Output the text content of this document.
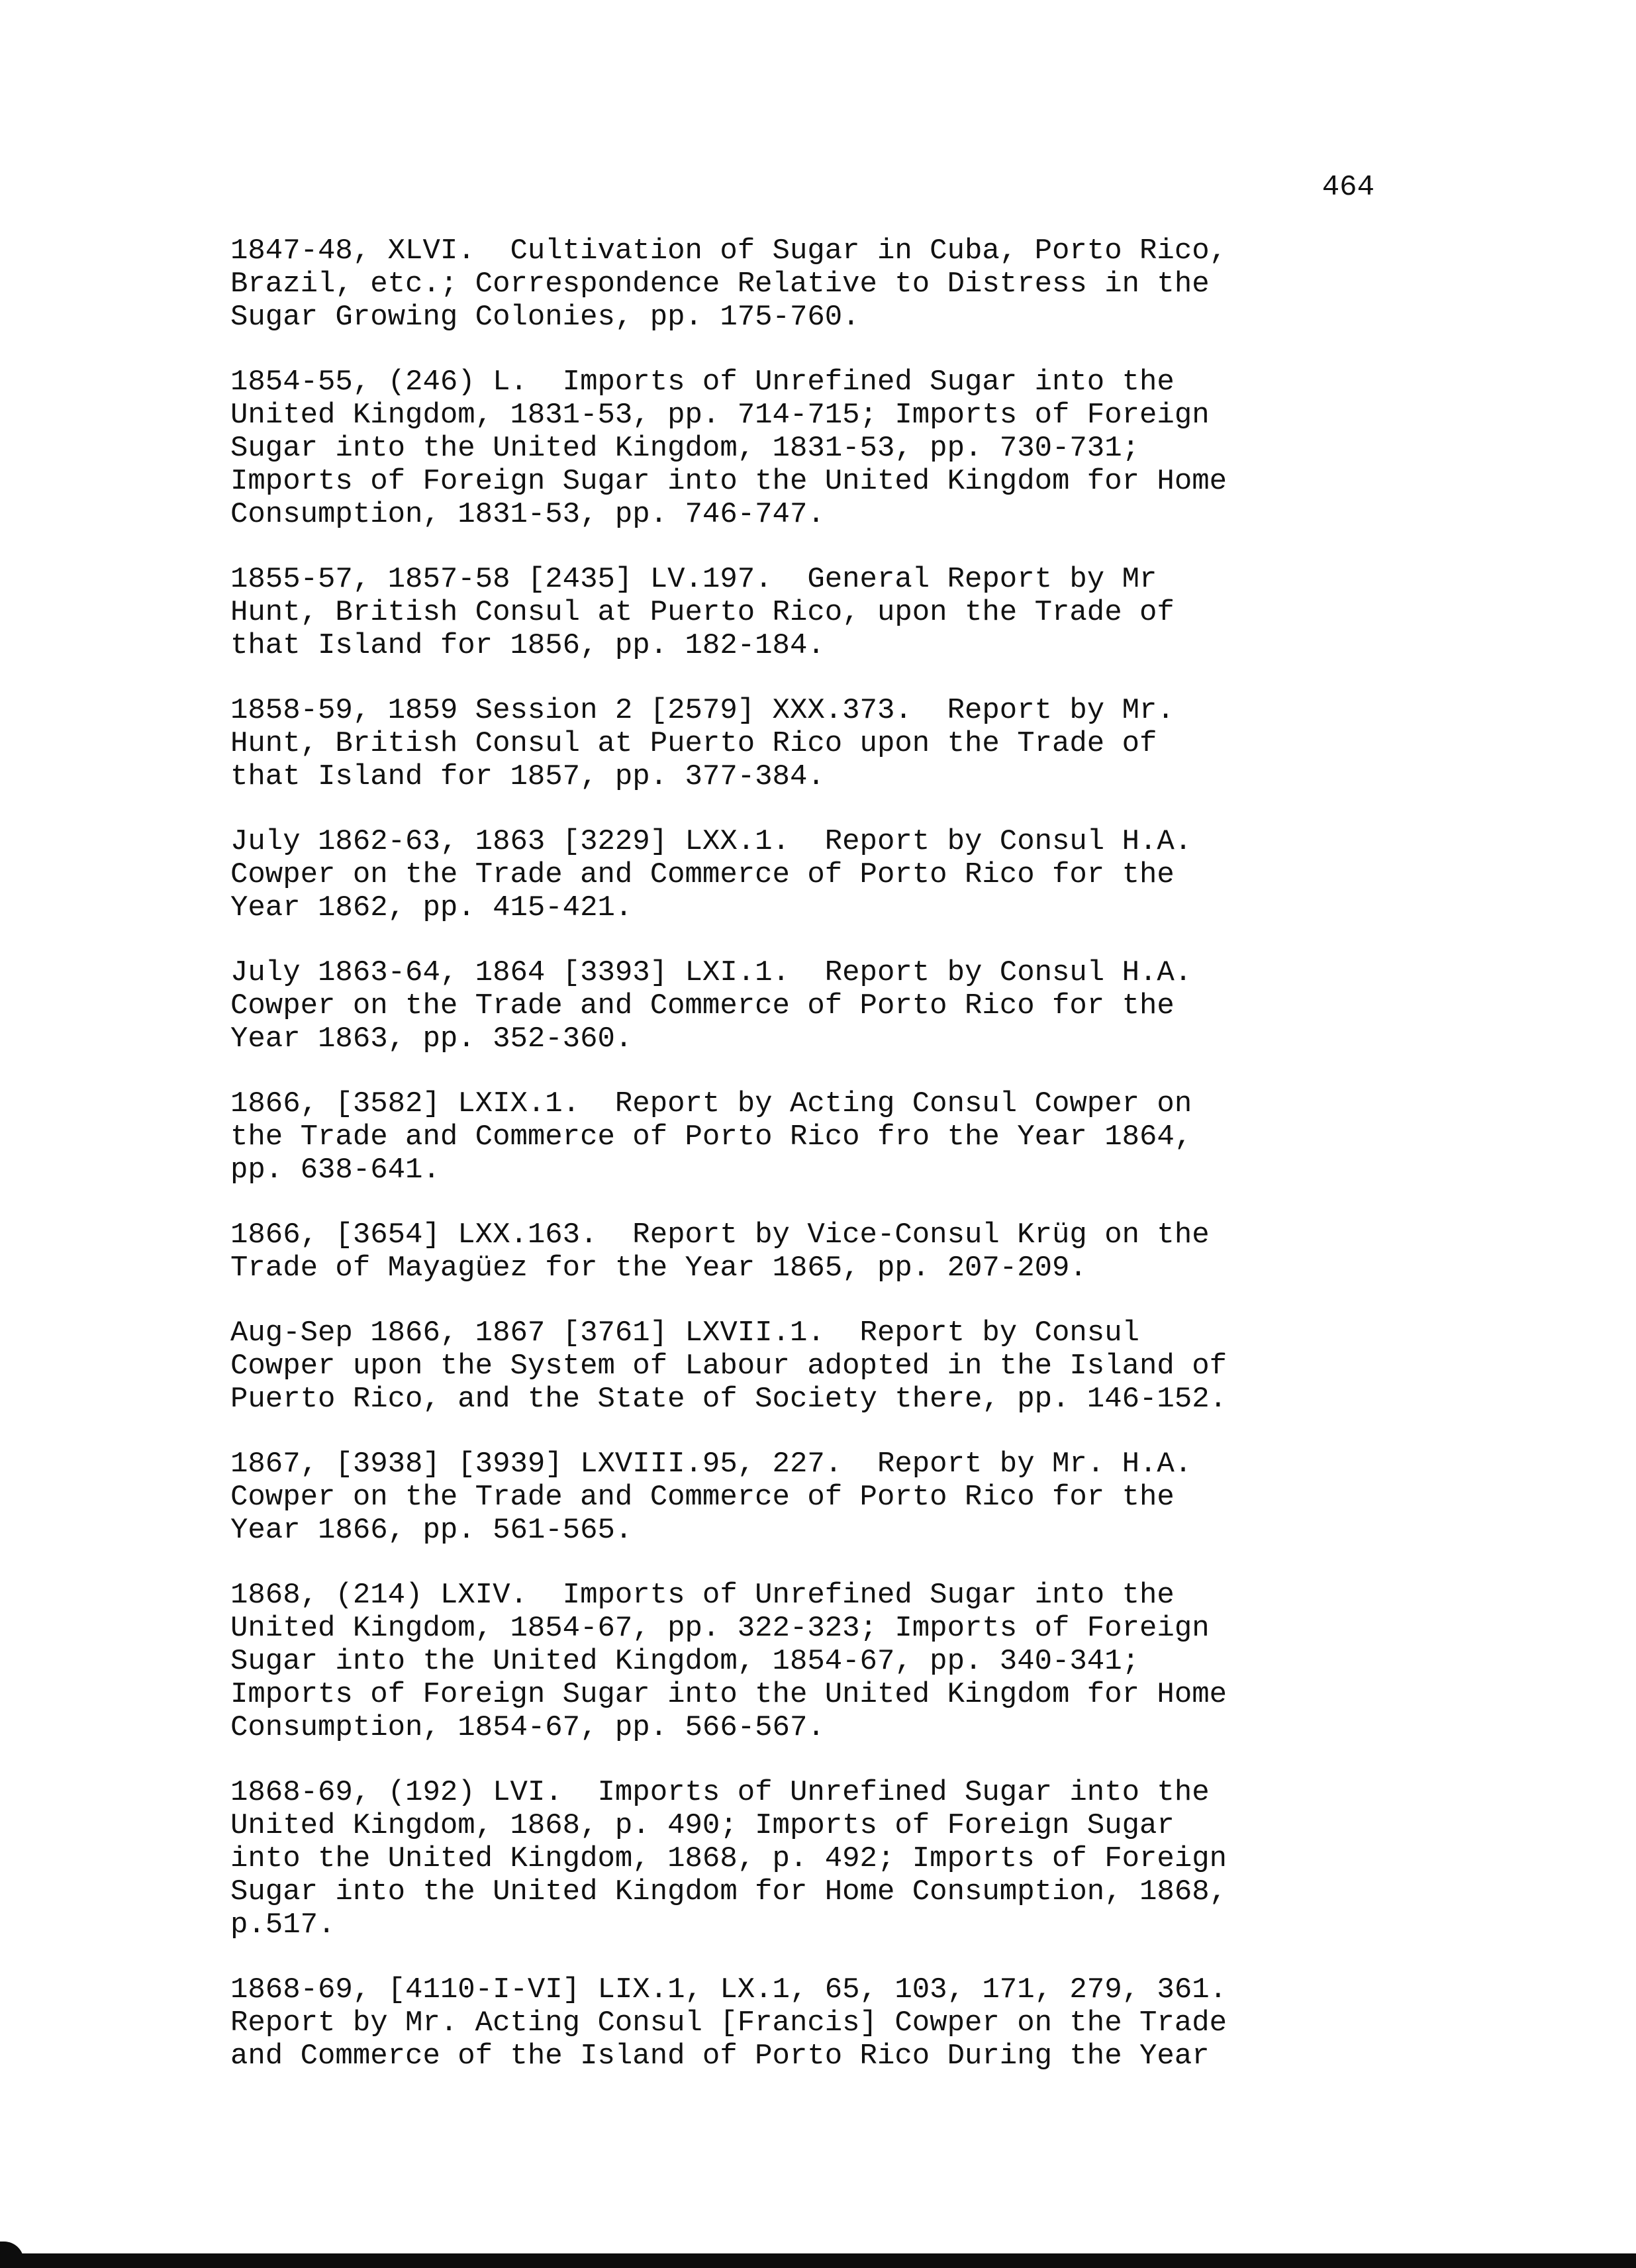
464

1847-48, XLVI.  Cultivation of Sugar in Cuba, Porto Rico,
Brazil, etc.; Correspondence Relative to Distress in the
Sugar Growing Colonies, pp. 175-760.

1854-55, (246) L.  Imports of Unrefined Sugar into the
United Kingdom, 1831-53, pp. 714-715; Imports of Foreign
Sugar into the United Kingdom, 1831-53, pp. 730-731;
Imports of Foreign Sugar into the United Kingdom for Home
Consumption, 1831-53, pp. 746-747.

1855-57, 1857-58 [2435] LV.197.  General Report by Mr
Hunt, British Consul at Puerto Rico, upon the Trade of
that Island for 1856, pp. 182-184.

1858-59, 1859 Session 2 [2579] XXX.373.  Report by Mr.
Hunt, British Consul at Puerto Rico upon the Trade of
that Island for 1857, pp. 377-384.

July 1862-63, 1863 [3229] LXX.1.  Report by Consul H.A.
Cowper on the Trade and Commerce of Porto Rico for the
Year 1862, pp. 415-421.

July 1863-64, 1864 [3393] LXI.1.  Report by Consul H.A.
Cowper on the Trade and Commerce of Porto Rico for the
Year 1863, pp. 352-360.

1866, [3582] LXIX.1.  Report by Acting Consul Cowper on
the Trade and Commerce of Porto Rico fro the Year 1864,
pp. 638-641.

1866, [3654] LXX.163.  Report by Vice-Consul Krüg on the
Trade of Mayagüez for the Year 1865, pp. 207-209.

Aug-Sep 1866, 1867 [3761] LXVII.1.  Report by Consul
Cowper upon the System of Labour adopted in the Island of
Puerto Rico, and the State of Society there, pp. 146-152.

1867, [3938] [3939] LXVIII.95, 227.  Report by Mr. H.A.
Cowper on the Trade and Commerce of Porto Rico for the
Year 1866, pp. 561-565.

1868, (214) LXIV.  Imports of Unrefined Sugar into the
United Kingdom, 1854-67, pp. 322-323; Imports of Foreign
Sugar into the United Kingdom, 1854-67, pp. 340-341;
Imports of Foreign Sugar into the United Kingdom for Home
Consumption, 1854-67, pp. 566-567.

1868-69, (192) LVI.  Imports of Unrefined Sugar into the
United Kingdom, 1868, p. 490; Imports of Foreign Sugar
into the United Kingdom, 1868, p. 492; Imports of Foreign
Sugar into the United Kingdom for Home Consumption, 1868,
p.517.

1868-69, [4110-I-VI] LIX.1, LX.1, 65, 103, 171, 279, 361.
Report by Mr. Acting Consul [Francis] Cowper on the Trade
and Commerce of the Island of Porto Rico During the Year
